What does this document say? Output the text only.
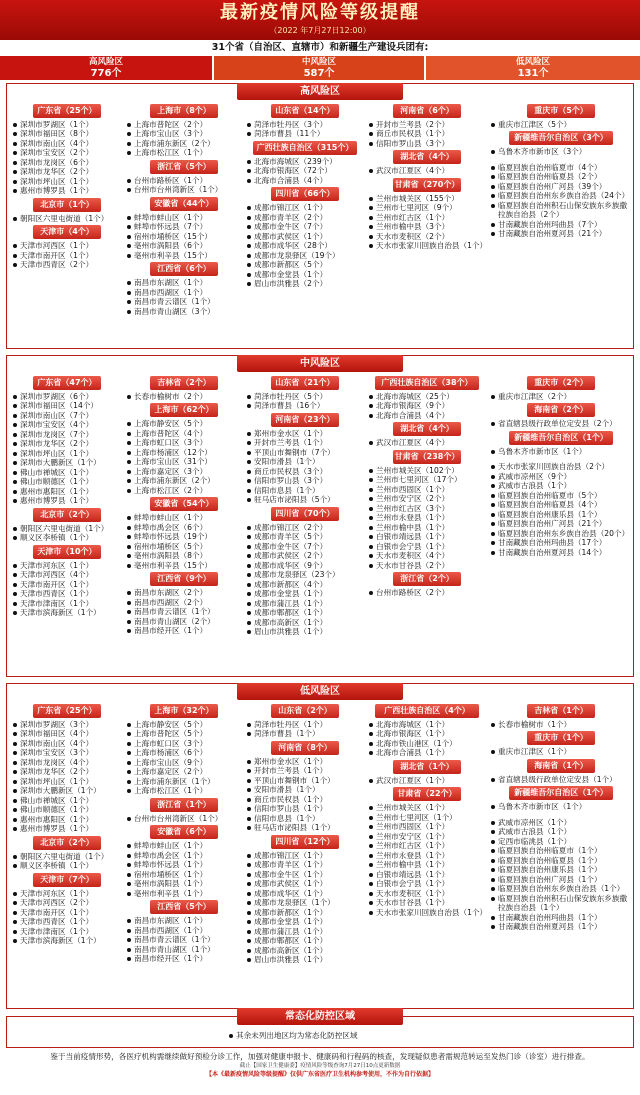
最新疫情风险等级提醒
（2022 年7月27日12:00）
31个省（自治区、直辖市）和新疆生产建设兵团有:
高风险区
776个
中风险区
587个
低风险区
131个
高风险区
广东省（25个）
深圳市罗湖区（1个）
深圳市福田区（8个）
深圳市南山区（4个）
深圳市宝安区（2个）
深圳市龙岗区（6个）
深圳市龙华区（2个）
深圳市坪山区（1个）
惠州市博罗县（1个）
北京市（1个）
朝阳区六里屯街道（1个）
天津市（4个）
天津市河西区（1个）
天津市南开区（1个）
天津市西青区（2个）
上海市（8个）
上海市普陀区（2个）
上海市宝山区（3个）
上海市浦东新区（2个）
上海市松江区（1个）
浙江省（5个）
台州市路桥区（1个）
台州市台州湾新区（1个）
安徽省（44个）
蚌埠市蚌山区（1个）
蚌埠市怀远县（7个）
宿州市埇桥区（15个）
亳州市涡阳县（6个）
亳州市利辛县（15个）
江西省（6个）
南昌市东湖区（1个）
南昌市西湖区（1个）
南昌市青云谱区（1个）
南昌市青山湖区（3个）
山东省（14个）
菏泽市牡丹区（3个）
菏泽市曹县（11个）
广西壮族自治区（315个）
北海市海城区（239个）
北海市银海区（72个）
北海市合浦县（4个）
四川省（66个）
成都市锦江区（1个）
成都市青羊区（2个）
成都市金牛区（7个）
成都市武侯区（1个）
成都市成华区（28个）
成都市龙泉驿区（19个）
成都市新都区（5个）
成都市金堂县（1个）
眉山市洪雅县（2个）
河南省（6个）
开封市兰考县（2个）
商丘市民权县（1个）
信阳市罗山县（3个）
湖北省（4个）
武汉市江夏区（4个）
甘肃省（270个）
兰州市城关区（155个）
兰州市七里河区（9个）
兰州市红古区（1个）
兰州市榆中县（3个）
天水市麦积区（2个）
天水市张家川回族自治县（1个）
重庆市（5个）
重庆市江津区（5个）
新疆维吾尔自治区（3个）
乌鲁木齐市新市区（3个）
临夏回族自治州临夏市（4个）
临夏回族自治州临夏县（2个）
临夏回族自治州广河县（39个）
临夏回族自治州东乡族自治县（24个）
临夏回族自治州积石山保安族东乡族撒拉族自治县（2个）
甘南藏族自治州玛曲县（7个）
甘南藏族自治州夏河县（21个）
中风险区
广东省（47个）
深圳市罗湖区（6个）
深圳市福田区（14个）
深圳市南山区（7个）
深圳市宝安区（4个）
深圳市龙岗区（7个）
深圳市龙华区（2个）
深圳市坪山区（1个）
深圳市大鹏新区（1个）
佛山市禅城区（1个）
佛山市顺德区（1个）
惠州市惠阳区（1个）
惠州市博罗县（1个）
北京市（2个）
朝阳区六里屯街道（1个）
顺义区李桥镇（1个）
天津市（10个）
天津市河东区（1个）
天津市河西区（4个）
天津市南开区（1个）
天津市西青区（1个）
天津市津南区（1个）
天津市滨海新区（1个）
吉林省（2个）
长春市榆树市（2个）
上海市（62个）
上海市静安区（5个）
上海市普陀区（4个）
上海市虹口区（3个）
上海市杨浦区（12个）
上海市宝山区（31个）
上海市嘉定区（3个）
上海市浦东新区（2个）
上海市松江区（2个）
安徽省（54个）
蚌埠市蚌山区（1个）
蚌埠市禹会区（6个）
蚌埠市怀远县（19个）
宿州市埇桥区（5个）
亳州市涡阳县（8个）
亳州市利辛县（15个）
江西省（9个）
南昌市东湖区（2个）
南昌市西湖区（2个）
南昌市青云谱区（1个）
南昌市青山湖区（2个）
南昌市经开区（1个）
山东省（21个）
菏泽市牡丹区（5个）
菏泽市曹县（16个）
河南省（23个）
郑州市金水区（1个）
开封市兰考县（1个）
平顶山市舞钢市（7个）
安阳市滑县（1个）
商丘市民权县（3个）
信阳市罗山县（3个）
信阳市息县（1个）
驻马店市泌阳县（5个）
四川省（70个）
成都市锦江区（2个）
成都市青羊区（5个）
成都市金牛区（7个）
成都市武侯区（2个）
成都市成华区（9个）
成都市龙泉驿区（23个）
成都市新都区（4个）
成都市金堂县（1个）
成都市蒲江县（1个）
成都市郫都区（1个）
成都市高新区（1个）
眉山市洪雅县（1个）
广西壮族自治区（38个）
北海市海城区（25个）
北海市银海区（9个）
北海市合浦县（4个）
湖北省（4个）
武汉市江夏区（4个）
甘肃省（238个）
兰州市城关区（102个）
兰州市七里河区（17个）
兰州市西固区（1个）
兰州市安宁区（2个）
兰州市红古区（3个）
兰州市永登县（1个）
兰州市榆中县（1个）
白银市靖远县（1个）
白银市会宁县（1个）
天水市麦积区（4个）
天水市甘谷县（2个）
浙江省（2个）
台州市路桥区（2个）
重庆市（2个）
重庆市江津区（2个）
海南省（2个）
省直辖县级行政单位定安县（2个）
新疆维吾尔自治区（1个）
乌鲁木齐市新市区（1个）
天水市张家川回族自治县（2个）
武威市凉州区（9个）
武威市古浪县（1个）
临夏回族自治州临夏市（5个）
临夏回族自治州临夏县（4个）
临夏回族自治州康乐县（1个）
临夏回族自治州广河县（21个）
临夏回族自治州东乡族自治县（20个）
甘南藏族自治州玛曲县（17个）
甘南藏族自治州夏河县（14个）
低风险区
广东省（25个）
深圳市罗湖区（3个）
深圳市福田区（4个）
深圳市南山区（4个）
深圳市宝安区（3个）
深圳市龙岗区（4个）
深圳市龙华区（2个）
深圳市坪山区（1个）
深圳市大鹏新区（1个）
佛山市禅城区（1个）
佛山市顺德区（1个）
惠州市惠阳区（1个）
惠州市博罗县（1个）
北京市（2个）
朝阳区六里屯街道（1个）
顺义区李桥镇（1个）
天津市（7个）
天津市河东区（1个）
天津市河西区（2个）
天津市南开区（1个）
天津市西青区（1个）
天津市津南区（1个）
天津市滨海新区（1个）
上海市（32个）
上海市静安区（5个）
上海市普陀区（5个）
上海市虹口区（3个）
上海市杨浦区（6个）
上海市宝山区（9个）
上海市嘉定区（2个）
上海市浦东新区（1个）
上海市松江区（1个）
浙江省（1个）
台州市台州湾新区（1个）
安徽省（6个）
蚌埠市蚌山区（1个）
蚌埠市禹会区（1个）
蚌埠市怀远县（1个）
宿州市埇桥区（1个）
亳州市涡阳县（1个）
亳州市利辛县（1个）
江西省（5个）
南昌市东湖区（1个）
南昌市西湖区（1个）
南昌市青云谱区（1个）
南昌市青山湖区（1个）
南昌市经开区（1个）
山东省（2个）
菏泽市牡丹区（1个）
菏泽市曹县（1个）
河南省（8个）
郑州市金水区（1个）
开封市兰考县（1个）
平顶山市舞钢市（1个）
安阳市滑县（1个）
商丘市民权县（1个）
信阳市罗山县（1个）
信阳市息县（1个）
驻马店市泌阳县（1个）
四川省（12个）
成都市锦江区（1个）
成都市青羊区（1个）
成都市金牛区（1个）
成都市武侯区（1个）
成都市成华区（1个）
成都市龙泉驿区（1个）
成都市新都区（1个）
成都市金堂县（1个）
成都市蒲江县（1个）
成都市郫都区（1个）
成都市高新区（1个）
眉山市洪雅县（1个）
广西壮族自治区（4个）
北海市海城区（1个）
北海市银海区（1个）
北海市铁山港区（1个）
北海市合浦县（1个）
湖北省（1个）
武汉市江夏区（1个）
甘肃省（22个）
兰州市城关区（1个）
兰州市七里河区（1个）
兰州市西固区（1个）
兰州市安宁区（1个）
兰州市红古区（1个）
兰州市永登县（1个）
兰州市榆中县（1个）
白银市靖远县（1个）
白银市会宁县（1个）
天水市麦积区（1个）
天水市甘谷县（1个）
天水市张家川回族自治县（1个）
吉林省（1个）
长春市榆树市（1个）
重庆市（1个）
重庆市江津区（1个）
海南省（1个）
省直辖县级行政单位定安县（1个）
新疆维吾尔自治区（1个）
乌鲁木齐市新市区（1个）
武威市凉州区（1个）
武威市古浪县（1个）
定西市临洮县（1个）
临夏回族自治州临夏市（1个）
临夏回族自治州临夏县（1个）
临夏回族自治州康乐县（1个）
临夏回族自治州广河县（1个）
临夏回族自治州东乡族自治县（1个）
临夏回族自治州积石山保安族东乡族撒拉族自治县（1个）
甘南藏族自治州玛曲县（1个）
甘南藏族自治州夏河县（1个）
常态化防控区域
其余未列出地区均为常态化防控区域
鉴于当前疫情形势，各医疗机构需继续做好预检分诊工作，加强对健康申报卡、健康码和行程码的核查，发现疑似患者需规范转运至发热门诊（诊室）进行排查。
截止【国家卫生健康委】疫情风险等级查询7月27日10点更新数据
【本《最新疫情风险等级提醒》仅供广东省医疗卫生机构参考使用，不作为自行依据】
